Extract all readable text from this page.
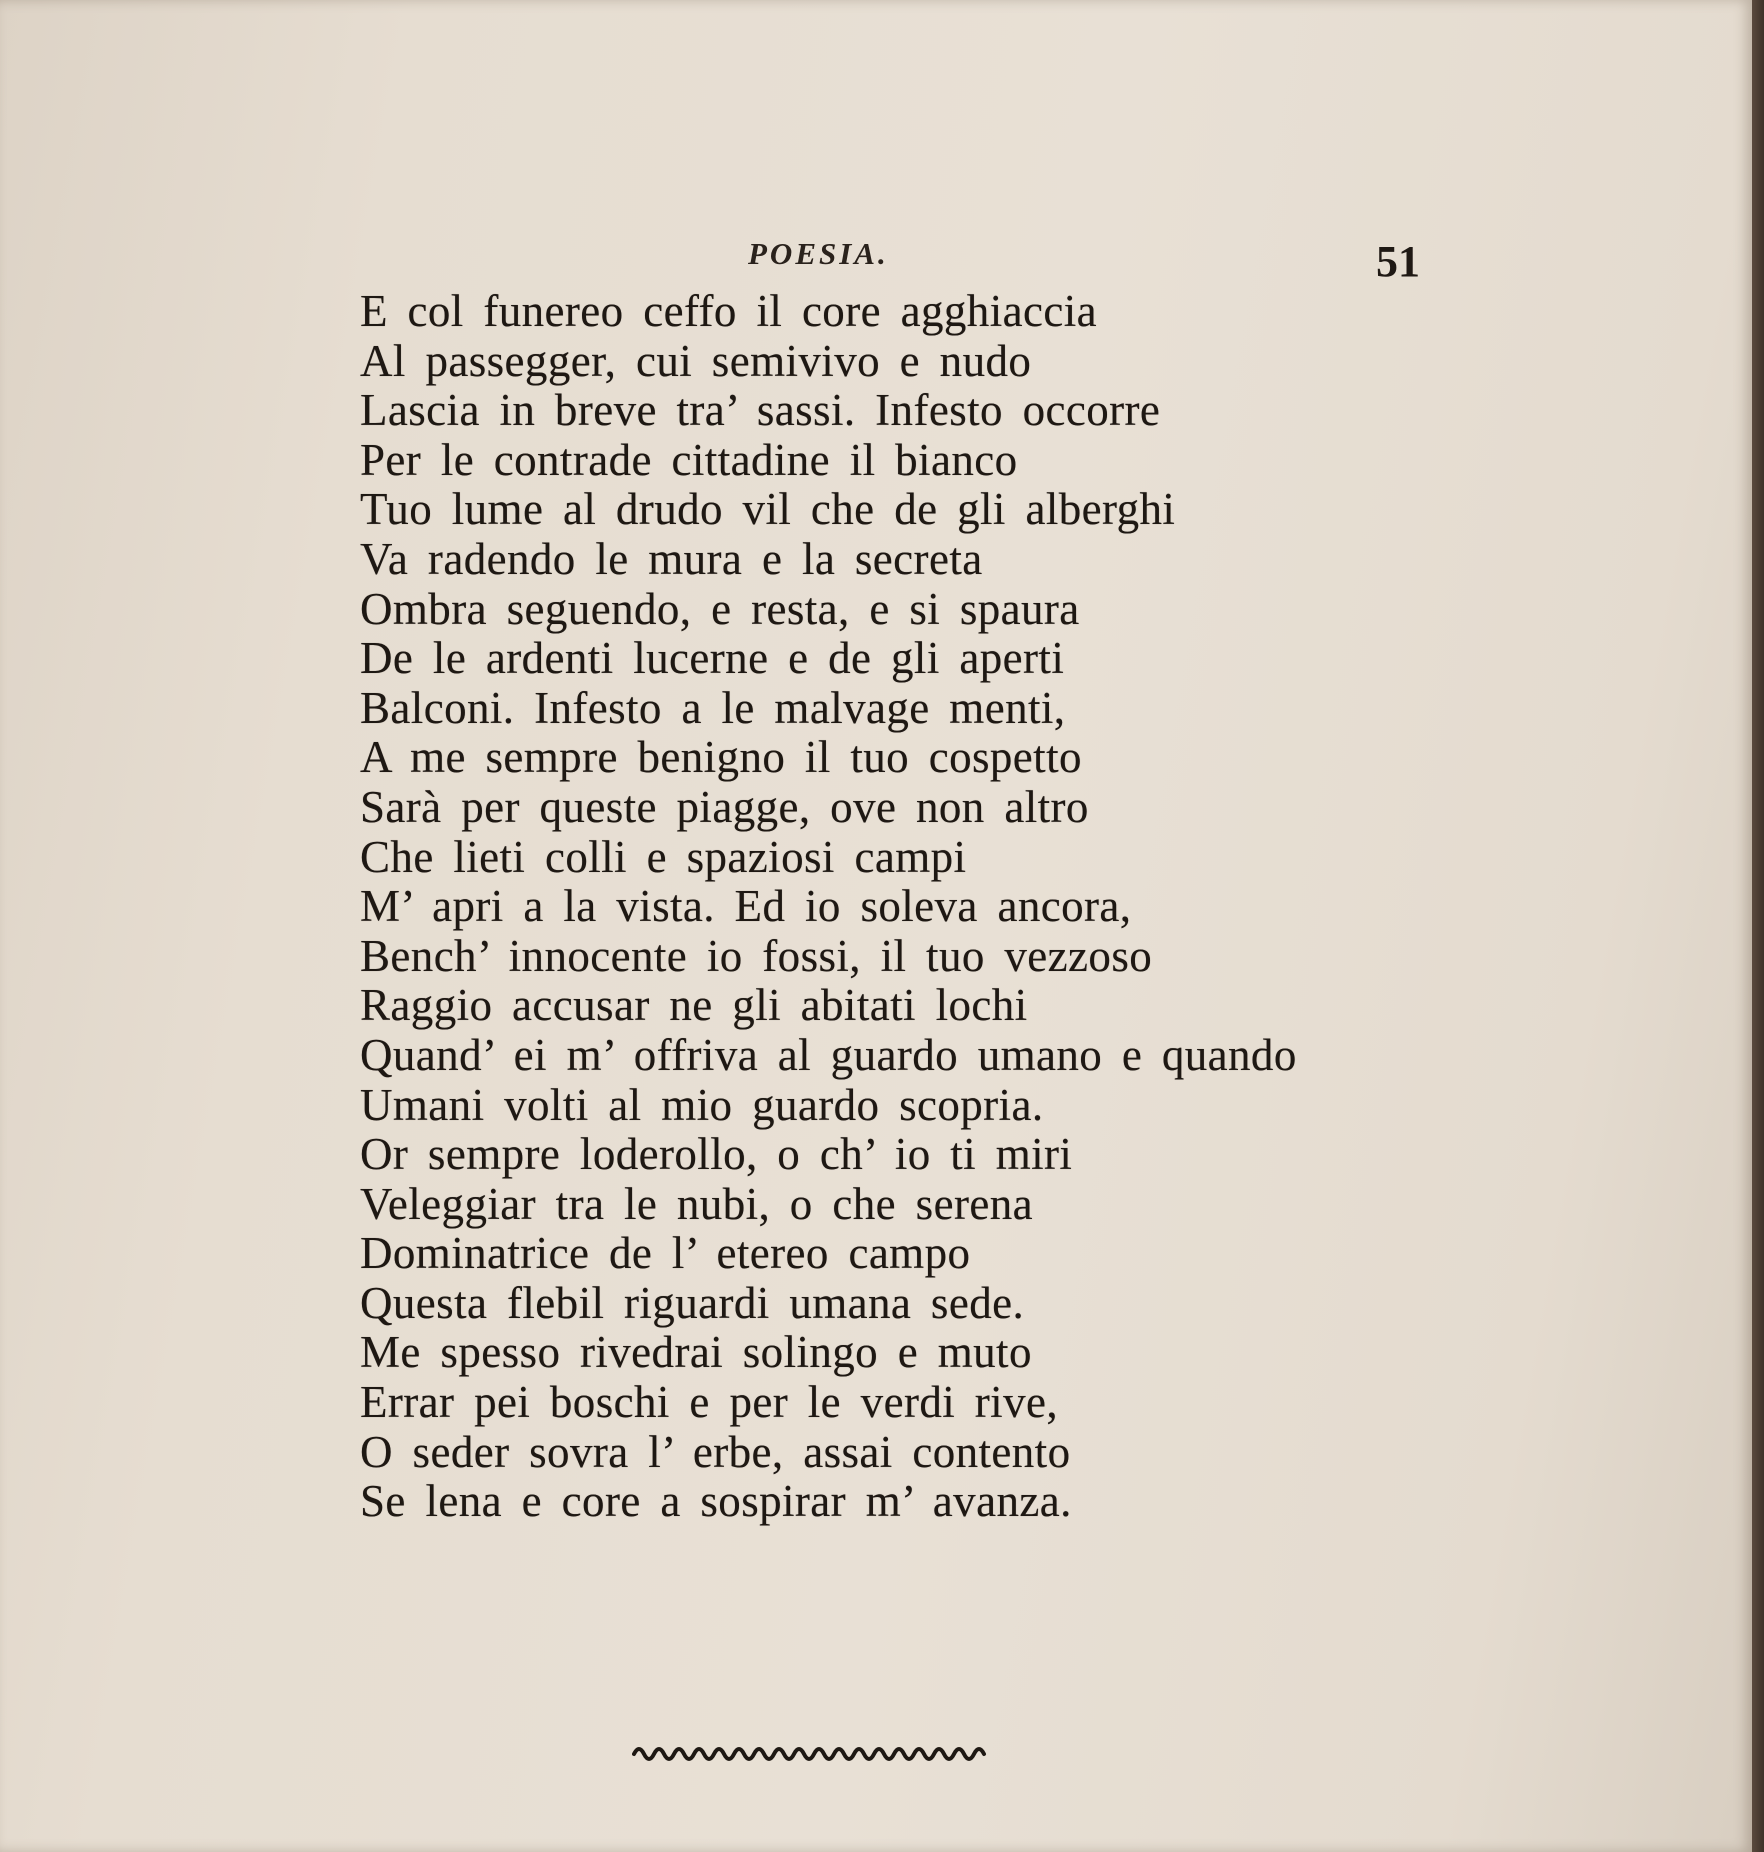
POESIA.	51
E col funereo ceffo il core agghiaccia
Al passegger, cui semivivo e nudo
Lascia in breve tra’ sassi. Infesto occorre
Per le contrade cittadine il bianco
Tuo lume al drudo vil che de gli alberghi
Va radendo le mura e la secreta
Ombra seguendo, e resta, e si spaura
De le ardenti lucerne e de gli aperti
Balconi. Infesto a le malvage menti,
A me sempre benigno il tuo cospetto
Sarà per queste piagge, ove non altro
Che lieti colli e spaziosi campi
M’ apri a la vista. Ed io soleva ancora,
Bench’ innocente io fossi, il tuo vezzoso
Raggio accusar ne gli abitati lochi
Quand’ ei m’ offriva al guardo umano e quando
Umani volti al mio guardo scopria.
Or sempre loderollo, o ch’ io ti miri
Veleggiar tra le nubi, o che serena
Dominatrice de l’ etereo campo
Questa flebil riguardi umana sede.
Me spesso rivedrai solingo e muto
Errar pei boschi e per le verdi rive,
O seder sovra l’ erbe, assai contento
Se lena e core a sospirar m’ avanza.
